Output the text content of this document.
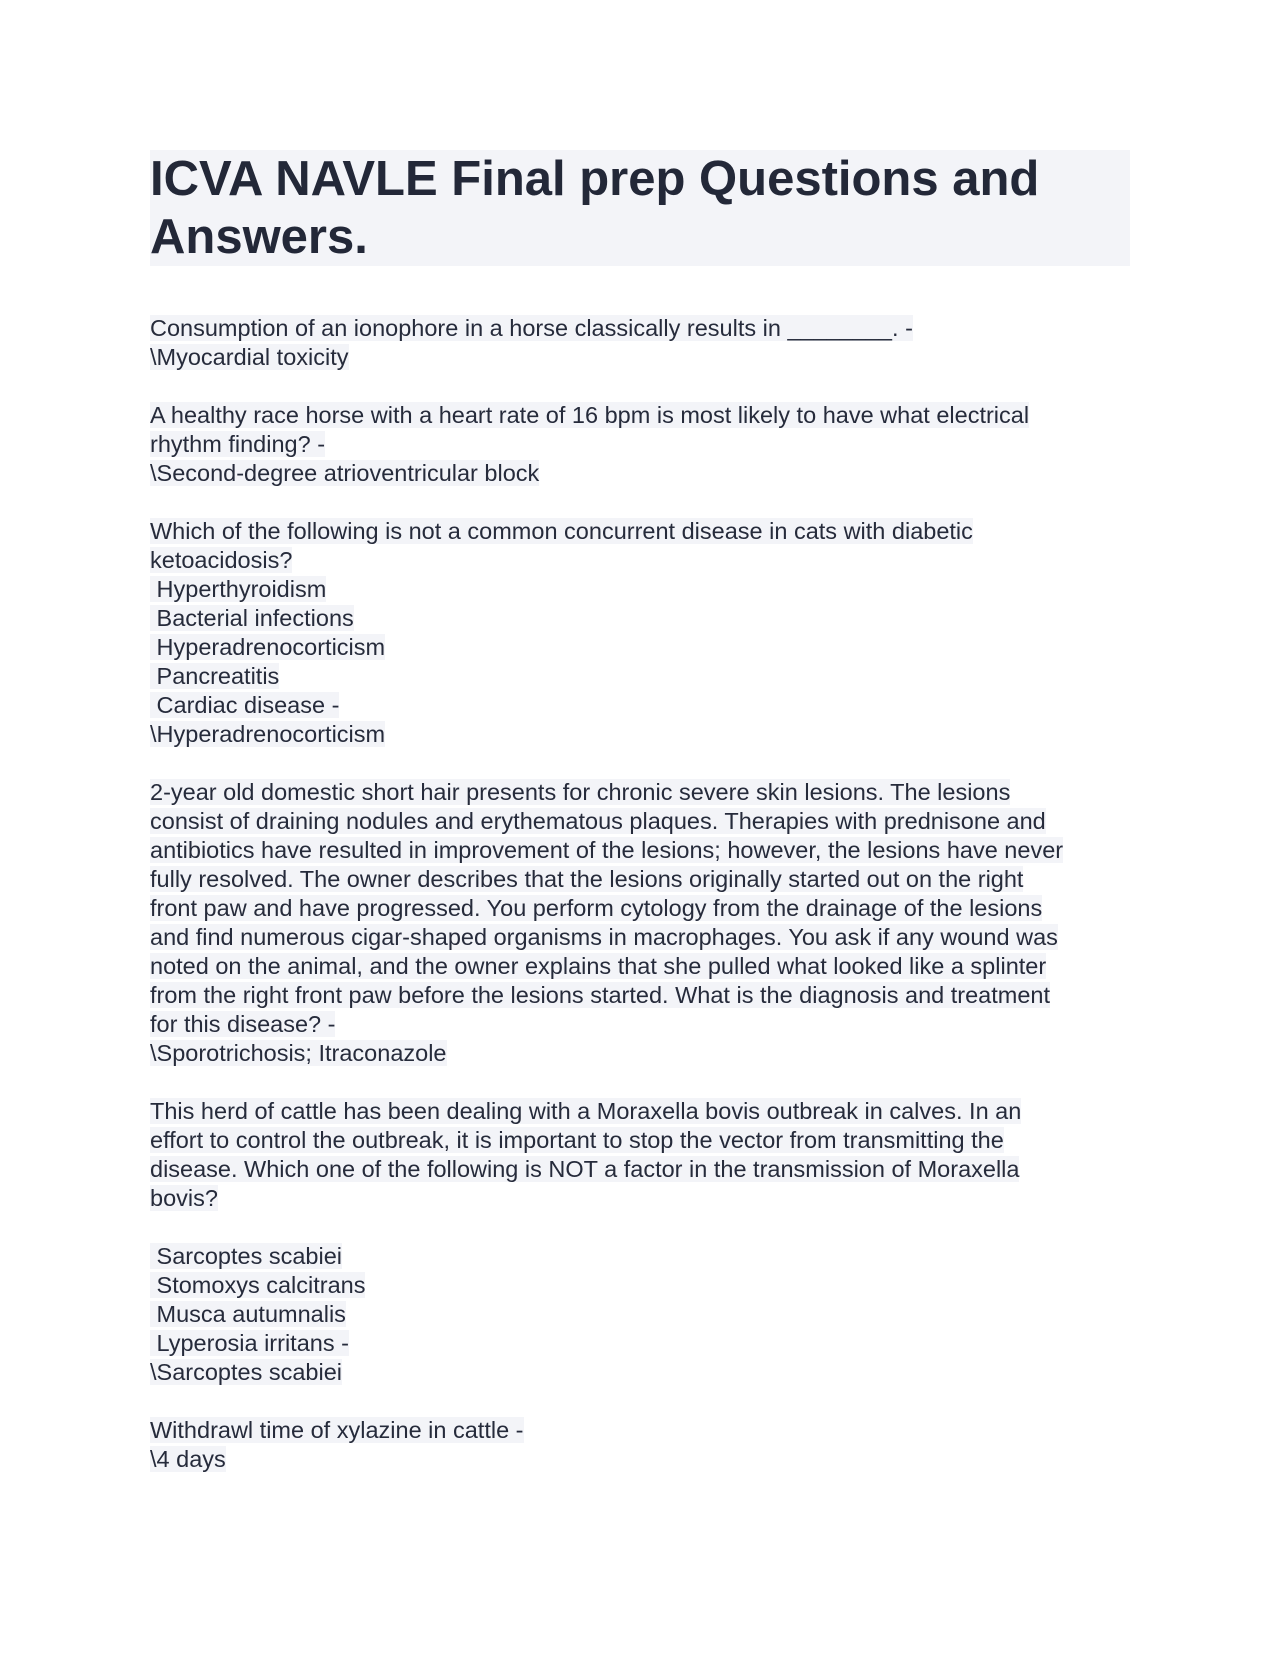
ICVA NAVLE Final prep Questions and
Answers.
Consumption of an ionophore in a horse classically results in ________. -
\Myocardial toxicity
A healthy race horse with a heart rate of 16 bpm is most likely to have what electrical
rhythm finding? -
\Second-degree atrioventricular block
Which of the following is not a common concurrent disease in cats with diabetic
ketoacidosis?
Hyperthyroidism
Bacterial infections
Hyperadrenocorticism
Pancreatitis
Cardiac disease -
\Hyperadrenocorticism
2-year old domestic short hair presents for chronic severe skin lesions. The lesions
consist of draining nodules and erythematous plaques. Therapies with prednisone and
antibiotics have resulted in improvement of the lesions; however, the lesions have never
fully resolved. The owner describes that the lesions originally started out on the right
front paw and have progressed. You perform cytology from the drainage of the lesions
and find numerous cigar-shaped organisms in macrophages. You ask if any wound was
noted on the animal, and the owner explains that she pulled what looked like a splinter
from the right front paw before the lesions started. What is the diagnosis and treatment
for this disease? -
\Sporotrichosis; Itraconazole
This herd of cattle has been dealing with a Moraxella bovis outbreak in calves. In an
effort to control the outbreak, it is important to stop the vector from transmitting the
disease. Which one of the following is NOT a factor in the transmission of Moraxella
bovis?
Sarcoptes scabiei
Stomoxys calcitrans
Musca autumnalis
Lyperosia irritans -
\Sarcoptes scabiei
Withdrawl time of xylazine in cattle -
\4 days
